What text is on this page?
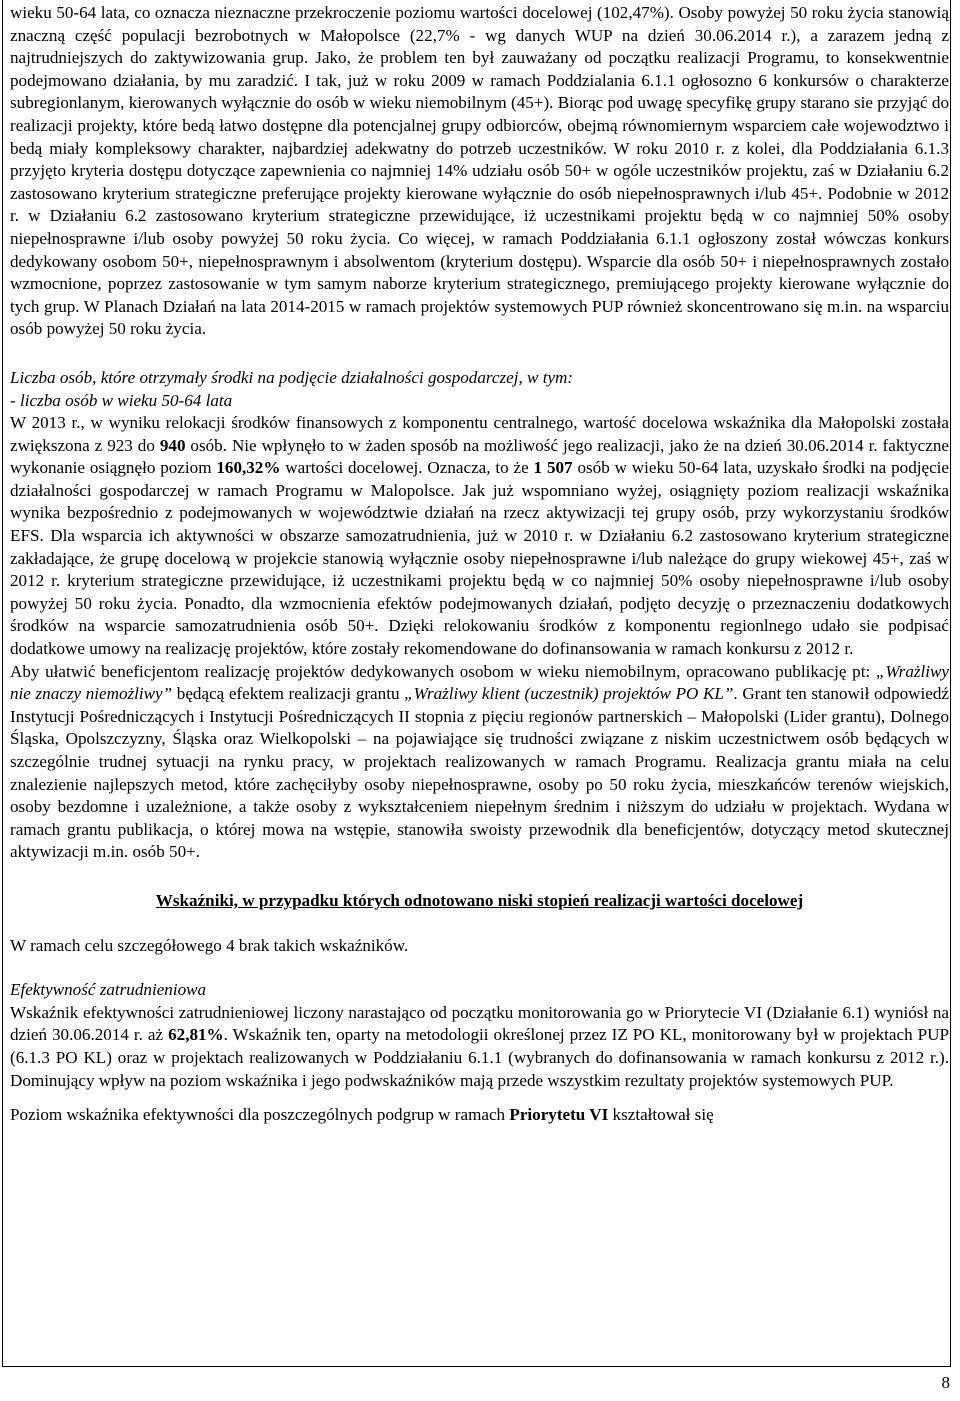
wieku 50-64 lata, co oznacza nieznaczne przekroczenie poziomu wartości docelowej (102,47%). Osoby powyżej 50 roku życia stanowią znaczną część populacji bezrobotnych w Małopolsce (22,7% - wg danych WUP na dzień 30.06.2014 r.), a zarazem jedną z najtrudniejszych do zaktywizowania grup. Jako, że problem ten był zauważany od początku realizacji Programu, to konsekwentnie podejmowano działania, by mu zaradzić. I tak, już w roku 2009 w ramach Poddzialania 6.1.1 ogłosozno 6 konkursów o charakterze subregionlanym, kierowanych wyłącznie do osób w wieku niemobilnym (45+). Biorąc pod uwagę specyfikę grupy starano sie przyjąć do realizacji projekty, które bedą łatwo dostępne dla potencjalnej grupy odbiorców, obejmą równomiernym wsparciem całe wojewodztwo i bedą miały kompleksowy charakter, najbardziej adekwatny do potrzeb uczestników. W roku 2010 r. z kolei, dla Poddziałania 6.1.3 przyjęto kryteria dostępu dotyczące zapewnienia co najmniej 14% udziału osób 50+ w ogóle uczestników projektu, zaś w Działaniu 6.2 zastosowano kryterium strategiczne preferujące projekty kierowane wyłącznie do osób niepełnosprawnych i/lub 45+. Podobnie w 2012 r. w Działaniu 6.2 zastosowano kryterium strategiczne przewidujące, iż uczestnikami projektu będą w co najmniej 50% osoby niepełnosprawne i/lub osoby powyżej 50 roku życia. Co więcej, w ramach Poddziałania 6.1.1 ogłoszony został wówczas konkurs dedykowany osobom 50+, niepełnosprawnym i absolwentom (kryterium dostępu). Wsparcie dla osób 50+ i niepełnosprawnych zostało wzmocnione, poprzez zastosowanie w tym samym naborze kryterium strategicznego, premiującego projekty kierowane wyłącznie do tych grup. W Planach Działań na lata 2014-2015 w ramach projektów systemowych PUP również skoncentrowano się m.in. na wsparciu osób powyżej 50 roku życia.

Liczba osób, które otrzymały środki na podjęcie działalności gospodarczej, w tym:

- liczba osób w wieku 50-64 lata

W 2013 r., w wyniku relokacji środków finansowych z komponentu centralnego, wartość docelowa wskaźnika dla Małopolski została zwiększona z 923 do 940 osób. Nie wpłynęło to w żaden sposób na możliwość jego realizacji, jako że na dzień 30.06.2014 r. faktyczne wykonanie osiągnęło poziom 160,32% wartości docelowej. Oznacza, to że 1 507 osób w wieku 50-64 lata, uzyskało środki na podjęcie działalności gospodarczej w ramach Programu w Malopolsce. Jak już wspomniano wyżej, osiągnięty poziom realizacji wskaźnika wynika bezpośrednio z podejmowanych w województwie działań na rzecz aktywizacji tej grupy osób, przy wykorzystaniu środków EFS. Dla wsparcia ich aktywności w obszarze samozatrudnienia, już w 2010 r. w Działaniu 6.2 zastosowano kryterium strategiczne zakładające, że grupę docelową w projekcie stanowią wyłącznie osoby niepełnosprawne i/lub należące do grupy wiekowej 45+, zaś w 2012 r. kryterium strategiczne przewidujące, iż uczestnikami projektu będą w co najmniej 50% osoby niepełnosprawne i/lub osoby powyżej 50 roku życia. Ponadto, dla wzmocnienia efektów podejmowanych działań, podjęto decyzję o przeznaczeniu dodatkowych środków na wsparcie samozatrudnienia osób 50+. Dzięki relokowaniu środków z komponentu regionlnego udało sie podpisać dodatkowe umowy na realizację projektów, które zostały rekomendowane do dofinansowania w ramach konkursu z 2012 r.

Aby ułatwić beneficjentom realizację projektów dedykowanych osobom w wieku niemobilnym, opracowano publikację pt: „Wrażliwy nie znaczy niemożliwy” będącą efektem realizacji grantu „Wrażliwy klient (uczestnik) projektów PO KL”. Grant ten stanowił odpowiedź Instytucji Pośredniczących i Instytucji Pośredniczących II stopnia z pięciu regionów partnerskich – Małopolski (Lider grantu), Dolnego Śląska, Opolszczyzny, Śląska oraz Wielkopolski – na pojawiające się trudności związane z niskim uczestnictwem osób będących w szczególnie trudnej sytuacji na rynku pracy, w projektach realizowanych w ramach Programu. Realizacja grantu miała na celu znalezienie najlepszych metod, które zachęciłyby osoby niepełnosprawne, osoby po 50 roku życia, mieszkańców terenów wiejskich, osoby bezdomne i uzależnione, a także osoby z wykształceniem niepełnym średnim i niższym do udziału w projektach. Wydana w ramach grantu publikacja, o której mowa na wstępie, stanowiła swoisty przewodnik dla beneficjentów, dotyczący metod skutecznej aktywizacji m.in. osób 50+.

Wskaźniki, w przypadku których odnotowano niski stopień realizacji wartości docelowej

W ramach celu szczegółowego 4 brak takich wskaźników.

Efektywność zatrudnieniowa

Wskaźnik efektywności zatrudnieniowej liczony narastająco od początku monitorowania go w Priorytecie VI (Działanie 6.1) wyniósł na dzień 30.06.2014 r. aż 62,81%. Wskaźnik ten, oparty na metodologii określonej przez IZ PO KL, monitorowany był w projektach PUP (6.1.3 PO KL) oraz w projektach realizowanych w Poddziałaniu 6.1.1 (wybranych do dofinansowania w ramach konkursu z 2012 r.). Dominujący wpływ na poziom wskaźnika i jego podwskaźników mają przede wszystkim rezultaty projektów systemowych PUP.

Poziom wskaźnika efektywności dla poszczególnych podgrup w ramach Priorytetu VI kształtował się

8
